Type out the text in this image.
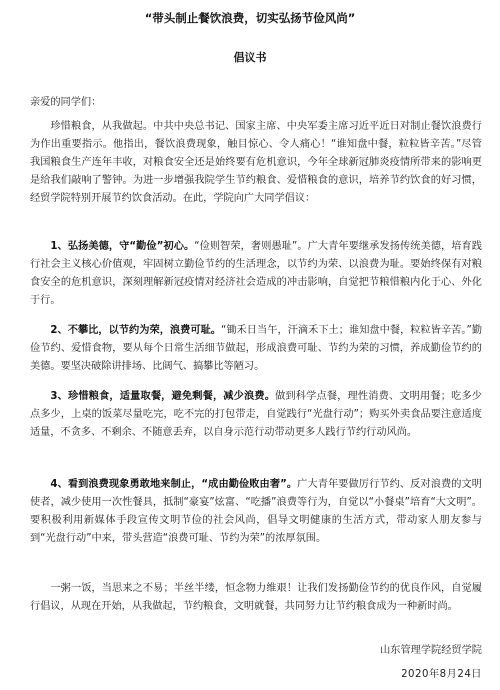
“带头制止餐饮浪费，切实弘扬节俭风尚”
倡议书
亲爱的同学们：

珍惜粮食，从我做起。中共中央总书记、国家主席、中央军委主席习近平近日对制止餐饮浪费行为作出重要指示。他指出，餐饮浪费现象，触目惊心、令人痛心！“谁知盘中餐，粒粒皆辛苦。”尽管我国粮食生产连年丰收，对粮食安全还是始终要有危机意识，今年全球新冠肺炎疫情所带来的影响更是给我们敲响了警钟。为进一步增强我院学生节约粮食、爱惜粮食的意识，培养节约饮食的好习惯，经贸学院特别开展节约饮食活动。在此，学院向广大同学倡议：

1、弘扬美德，守“勤俭”初心。“俭则智荣，奢则愚耻”。广大青年要继承发扬传统美德，培育践行社会主义核心价值观，牢固树立勤俭节约的生活理念，以节约为荣、以浪费为耻。要始终保有对粮食安全的危机意识，深刻理解新冠疫情对经济社会造成的冲击影响，自觉把节粮惜粮内化于心、外化于行。

2、不攀比，以节约为荣，浪费可耻。“锄禾日当午，汗滴禾下土；谁知盘中餐，粒粒皆辛苦。”勤俭节约、爱惜食物，要从每个日常生活细节做起，形成浪费可耻、节约为荣的习惯，养成勤俭节约的美德。要坚决破除讲排场、比阔气、搞攀比等陋习。

3、珍惜粮食，适量取餐，避免剩餐，减少浪费。做到科学点餐，理性消费、文明用餐；吃多少点多少，上桌的饭菜尽量吃完，吃不完的打包带走，自觉践行“光盘行动”；购买外卖食品要注意适度适量，不贪多、不剩余、不随意丢弃，以自身示范行动带动更多人践行节约行动风尚。

4、看到浪费现象勇敢地来制止，“成由勤俭败由奢”。广大青年要做厉行节约、反对浪费的文明使者，减少使用一次性餐具，抵制“豪宴”炫富、“吃播”浪费等行为，自觉以“小餐桌”培育“大文明”。要积极利用新媒体手段宣传文明节俭的社会风尚，倡导文明健康的生活方式，带动家人朋友参与到“光盘行动”中来，带头营造“浪费可耻、节约为荣”的浓厚氛围。

一粥一饭，当思来之不易；半丝半缕，恒念物力维艰！让我们发扬勤俭节约的优良作风，自觉履行倡议，从现在开始，从我做起，节约粮食，文明就餐，共同努力让节约粮食成为一种新时尚。

山东管理学院经贸学院
2020年8月24日
